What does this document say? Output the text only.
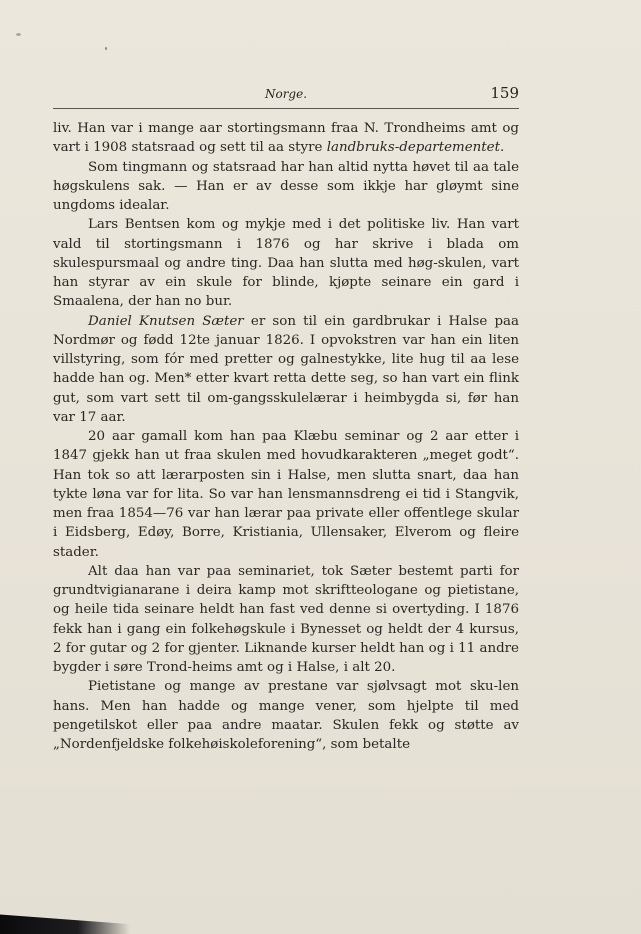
Norge.	159

liv. Han var i mange aar stortingsmann fraa N. Trondheims amt og vart i 1908 statsraad og sett til aa styre landbruks-departementet.

Som tingmann og statsraad har han altid nytta høvet til aa tale høgskulens sak. — Han er av desse som ikkje har gløymt sine ungdoms idealar.

Lars Bentsen kom og mykje med i det politiske liv. Han vart vald til stortingsmann i 1876 og har skrive i blada om skulespursmaal og andre ting. Daa han slutta med høg-skulen, vart han styrar av ein skule for blinde, kjøpte seinare ein gard i Smaalena, der han no bur.

Daniel Knutsen Sæter er son til ein gardbrukar i Halse paa Nordmør og fødd 12te januar 1826. I opvokstren var han ein liten villstyring, som fór med pretter og galnestykke, lite hug til aa lese hadde han og. Men* etter kvart retta dette seg, so han vart ein flink gut, som vart sett til om-gangsskulelærar i heimbygda si, før han var 17 aar.

20 aar gamall kom han paa Klæbu seminar og 2 aar etter i 1847 gjekk han ut fraa skulen med hovudkarakteren „meget godt“. Han tok so att lærarposten sin i Halse, men slutta snart, daa han tykte løna var for lita. So var han lensmannsdreng ei tid i Stangvik, men fraa 1854—76 var han lærar paa private eller offentlege skular i Eidsberg, Edøy, Borre, Kristiania, Ullensaker, Elverom og fleire stader.

Alt daa han var paa seminariet, tok Sæter bestemt parti for grundtvigianarane i deira kamp mot skriftteologane og pietistane, og heile tida seinare heldt han fast ved denne si overtyding. I 1876 fekk han i gang ein folkehøgskule i Bynesset og heldt der 4 kursus, 2 for gutar og 2 for gjenter. Liknande kurser heldt han og i 11 andre bygder i søre Trond-heims amt og i Halse, i alt 20.

Pietistane og mange av prestane var sjølvsagt mot sku-len hans. Men han hadde og mange vener, som hjelpte til med pengetilskot eller paa andre maatar. Skulen fekk og støtte av „Nordenfjeldske folkehøiskoleforening“, som betalte
